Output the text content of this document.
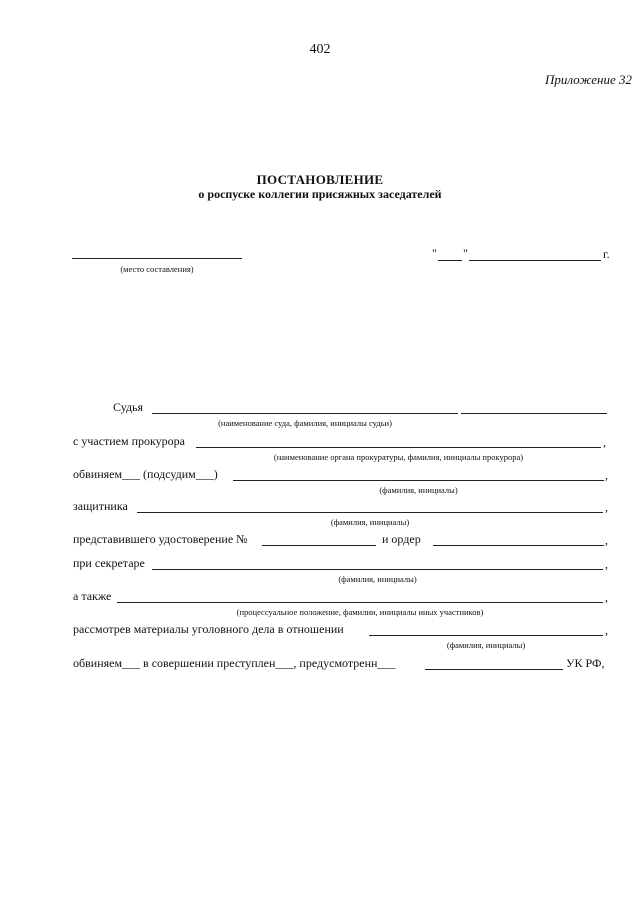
402
Приложение 32
ПОСТАНОВЛЕНИЕ
о роспуске коллегии присяжных заседателей
(место составления)
" "	г.
Судья
(наименование суда, фамилия, инициалы судьи)
с участием прокурора	,
(наименование органа прокуратуры, фамилия, инициалы прокурора)
обвиняем___ (подсудим___)	,
(фамилия, инициалы)
защитника	,
(фамилия, инициалы)
представившего удостоверение №	и ордер	,
при секретаре	,
(фамилия, инициалы)
а также	,
(процессуальное положение, фамилии, инициалы иных участников)
рассмотрев материалы уголовного дела в отношении	,
(фамилия, инициалы)
обвиняем___ в совершении преступлен___, предусмотренн___	УК РФ,
